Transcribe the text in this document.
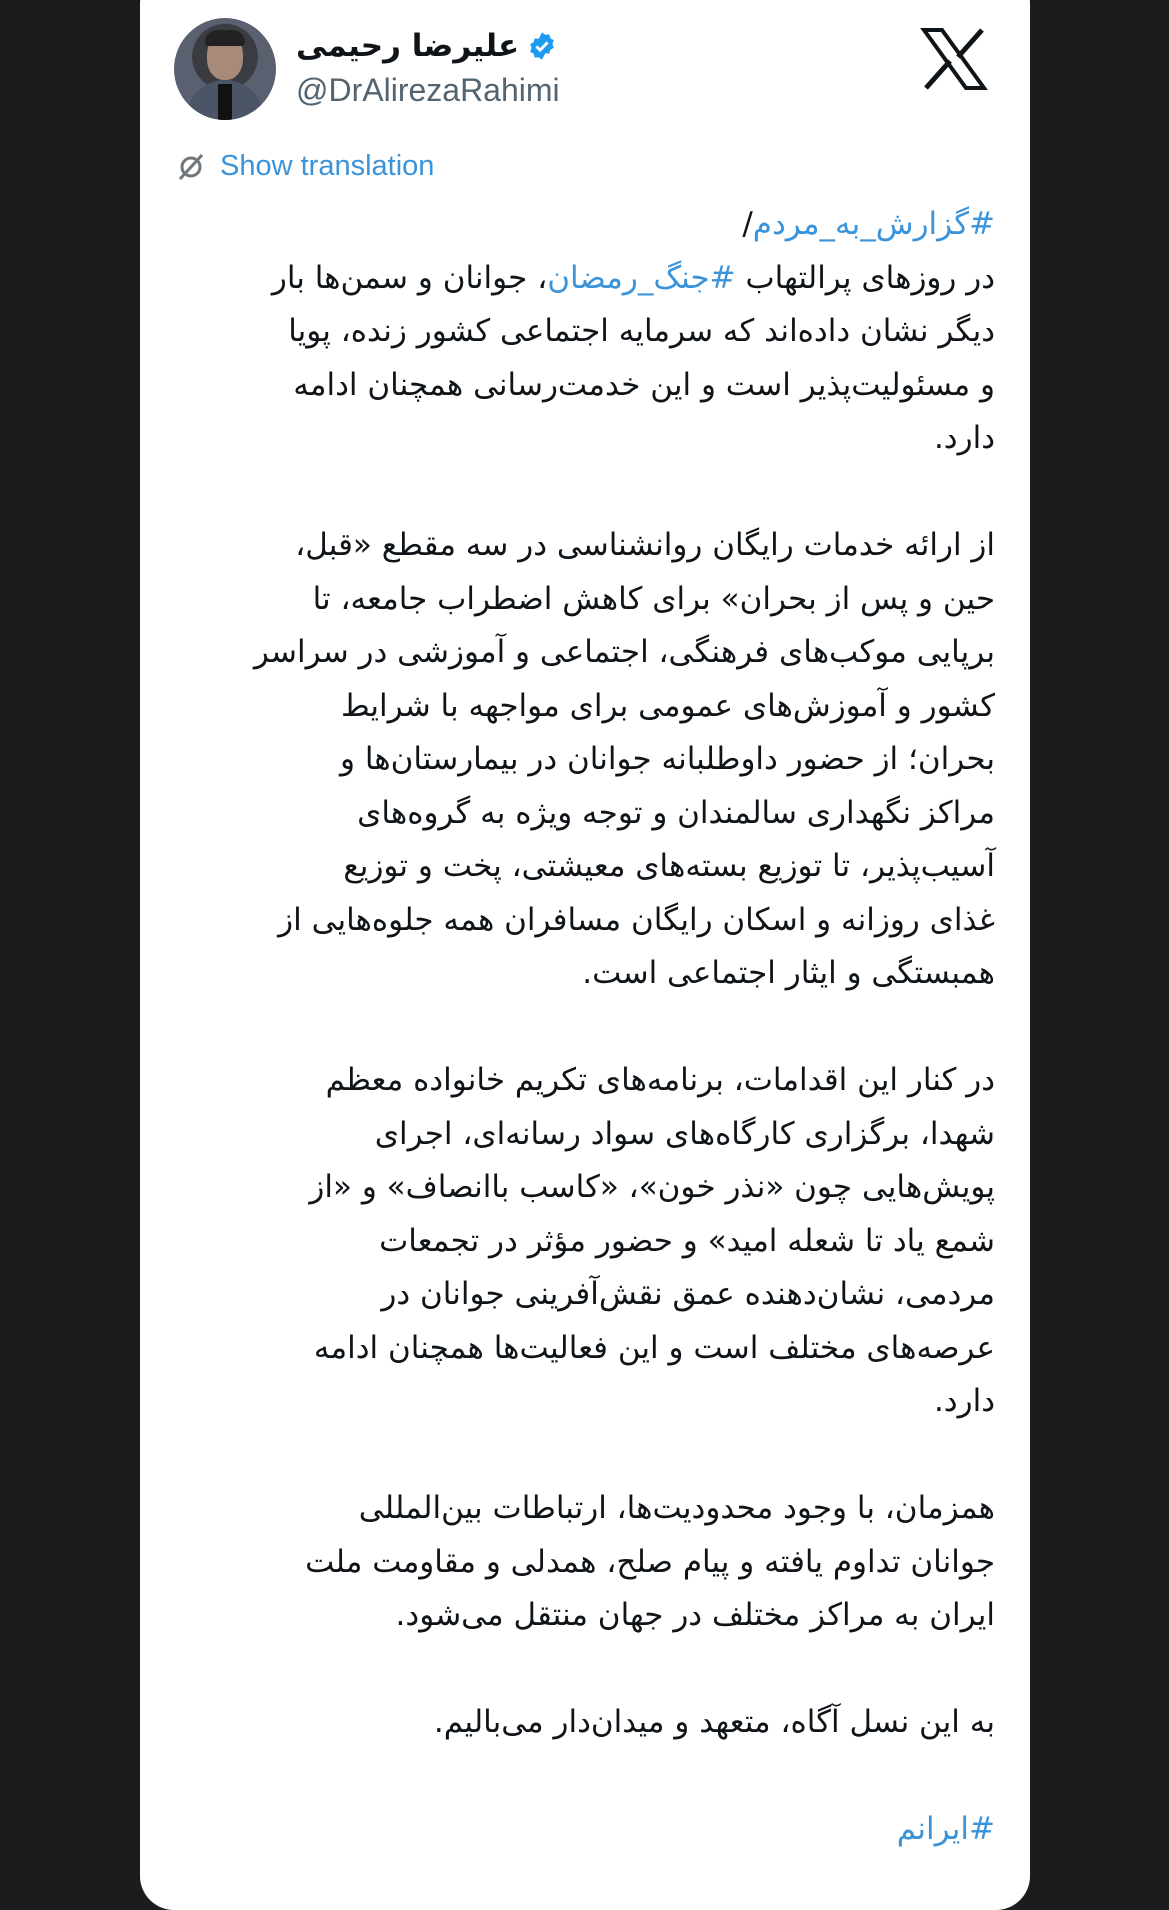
علیرضا رحیمی
@DrAlirezaRahimi
Show translation
#گزارش_به_مردم/
در روزهای پرالتهاب #جنگ_رمضان، جوانان و سمن‌ها بار
دیگر نشان داده‌اند که سرمایه اجتماعی کشور زنده، پویا
و مسئولیت‌پذیر است و این خدمت‌رسانی همچنان ادامه
دارد.
از ارائه خدمات رایگان روانشناسی در سه مقطع «قبل،
حین و پس از بحران» برای کاهش اضطراب جامعه، تا
برپایی موکب‌های فرهنگی، اجتماعی و آموزشی در سراسر
کشور و آموزش‌های عمومی برای مواجهه با شرایط
بحران؛ از حضور داوطلبانه جوانان در بیمارستان‌ها و
مراکز نگهداری سالمندان و توجه ویژه به گروه‌های
آسیب‌پذیر، تا توزیع بسته‌های معیشتی، پخت و توزیع
غذای روزانه و اسکان رایگان مسافران همه جلوه‌هایی از
همبستگی و ایثار اجتماعی است.
در کنار این اقدامات، برنامه‌های تکریم خانواده معظم
شهدا، برگزاری کارگاه‌های سواد رسانه‌ای، اجرای
پویش‌هایی چون «نذر خون»، «کاسب باانصاف» و «از
شمع یاد تا شعله امید» و حضور مؤثر در تجمعات
مردمی، نشان‌دهنده عمق نقش‌آفرینی جوانان در
عرصه‌های مختلف است و این فعالیت‌ها همچنان ادامه
دارد.
همزمان، با وجود محدودیت‌ها، ارتباطات بین‌المللی
جوانان تداوم یافته و پیام صلح، همدلی و مقاومت ملت
ایران به مراکز مختلف در جهان منتقل می‌شود.
به این نسل آگاه، متعهد و میدان‌دار می‌بالیم.
#ایرانم
